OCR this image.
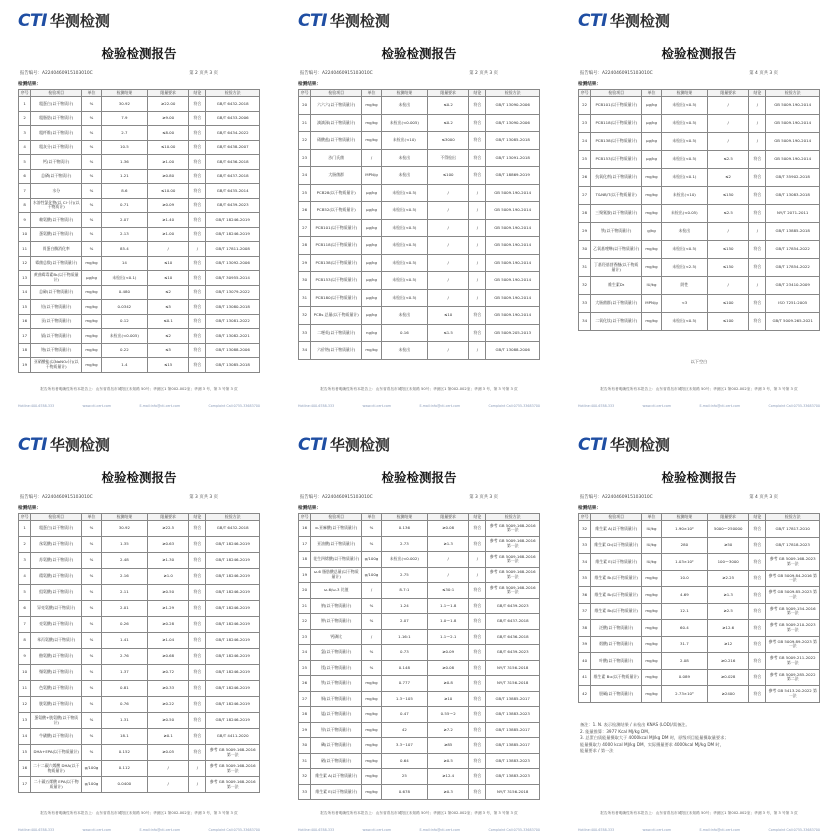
CTI 华测检测
检验检测报告
报告编号：A2240460915103010C	第 2 页共 3 页
检测结果：
序号	检验项目	单位	检测结果	限量要求	结论	检验方法
1	粗蛋白(以干物质计)	%	30.92	≥22.00	符合	GB/T 6432-2018
2	粗脂肪(以干物质计)	%	7.9	≥9.00	符合	GB/T 6433-2006
3	粗纤维(以干物质计)	%	2.7	≤8.00	符合	GB/T 6434-2022
4	粗灰分(以干物质计)	%	10.5	≤10.00	符合	GB/T 6438-2007
5	钙(以干物质计)	%	1.36	≥1.00	符合	GB/T 6436-2018
6	总磷(以干物质计)	%	1.21	≥0.80	符合	GB/T 6437-2018
7	水分	%	8.6	≤10.00	符合	GB/T 6435-2014
8	水溶性氯化物(以 Cl⁻计)(以干物质计)	%	0.71	≥0.09	符合	GB/T 6439-2023
9	赖氨酸(以干物质计)	%	2.07	≥1.40	符合	GB/T 18246-2019
10	蛋氨酸(以干物质计)	%	2.13	≥1.00	符合	GB/T 18246-2019
11	胃蛋白酶消化率	%	85.4	/	/	GB/T 17811-2008
12	霉菌总数(以干物质量计)	mg/kg	14	≤10	符合	GB/T 13092-2006
13	黄曲霉毒素B₁(以干物质量计)	μg/kg	未检出(<0.1)	≤10	符合	GB/T 30955-2014
14	总砷(以干物质量计)	mg/kg	0.480	≤2	符合	GB/T 13079-2022
15	铅(以干物质量计)	mg/kg	0.0342	≤5	符合	GB/T 13080-2018
16	汞(以干物质量计)	mg/kg	0.12	≤0.1	符合	GB/T 13081-2022
17	镉(以干物质量计)	mg/kg	未检出(<0.005)	≤2	符合	GB/T 13082-2021
18	铬(以干物质量计)	mg/kg	0.22	≤5	符合	GB/T 13088-2006
19	亚硝酸盐(以NaNO₂计)(以干物质量计)	mg/kg	1.4	≤15	符合	GB/T 13085-2018
报告所有者明确性所有本报告上：山东省青岛市城阳区未知路 50号；华测区1 第002-002室；华测 3 号，第 3 号第 3 页
Hotline:400-6788-333	www.cti-cert.com	E-mail:info@cti-cert.com	Complaint Call:0755-33683700
CTI 华测检测
检验检测报告
报告编号：A2240460915103010C	第 2 页共 3 页
检测结果：
序号	检验项目	单位	检测结果	限量要求	结论	检验方法
20	六六六(以干物质量计)	mg/kg	未检出	≤0.2	符合	GB/T 13090-2006
21	滴滴涕(以干物质量计)	mg/kg	未检出(<0.005)	≤0.2	符合	GB/T 13090-2006
22	硝酸盐(以干物质量计)	mg/kg	未检出(<10)	≤3000	符合	GB/T 13085-2018
23	沙门氏菌	/	未检出	不得检出	符合	GB/T 13091-2018
24	大肠菌群	MPN/g	未检出	≤100	符合	GB/T 18869-2019
25	PCB28(以干物质量计)	μg/kg	未检出(<0.5)	/	/	GB 5009.190-2014
26	PCB52(以干物质量计)	μg/kg	未检出(<0.5)	/	/	GB 5009.190-2014
27	PCB101(以干物质量计)	μg/kg	未检出(<0.5)	/	/	GB 5009.190-2014
28	PCB118(以干物质量计)	μg/kg	未检出(<0.5)	/	/	GB 5009.190-2014
29	PCB138(以干物质量计)	μg/kg	未检出(<0.5)	/	/	GB 5009.190-2014
30	PCB153(以干物质量计)	μg/kg	未检出(<0.5)	/	/	GB 5009.190-2014
31	PCB180(以干物质量计)	μg/kg	未检出(<0.5)	/	/	GB 5009.190-2014
32	PCBs 总量(以干物质量计)	μg/kg	未检出	≤10	符合	GB 5009.190-2014
33	二噁英(以干物质量计)	ng/kg	0.16	≤1.5	符合	GB 5009.205-2013
34	六价铬(以干物质量计)	mg/kg	未检出	/	/	GB/T 13088-2006
报告所有者明确性所有本报告上：山东省青岛市城阳区未知路 50号；华测区1 第002-002室；华测 3 号，第 3 号第 3 页
Hotline:400-6788-333	www.cti-cert.com	E-mail:info@cti-cert.com	Complaint Call:0755-33683700
CTI 华测检测
检验检测报告
报告编号：A2240460915103010C	第 4 页共 3 页
检测结果：
序号	检验项目	单位	检测结果	限量要求	结论	检验方法
22	PCB101(以干物质量计)	μg/kg	未检出(<0.5)	/	/	GB 5009.190-2014
23	PCB118(以干物质量计)	μg/kg	未检出(<0.5)	/	/	GB 5009.190-2014
24	PCB138(以干物质量计)	μg/kg	未检出(<0.5)	/	/	GB 5009.190-2014
25	PCB153(以干物质量计)	μg/kg	未检出(<0.5)	≤2.5	符合	GB 5009.190-2014
26	抗氧化剂(以干物质量计)	mg/kg	未检出(<0.1)	≤2	符合	GB/T 35902-2018
27	T&NB/T(以干物质量计)	mg/kg	未检出(<10)	≤150	符合	GB/T 13083-2018
28	三聚氰胺(以干物质量计)	mg/kg	未检出(<0.05)	≤2.5	符合	NY/T 2071-2011
29	铁(以干物质量计)	g/kg	未检出	/	/	GB/T 13885-2018
30	乙氧基喹啉(以干物质量计)	mg/kg	未检出(<0.5)	≤150	符合	GB/T 17854-2022
31	丁基羟基茴香醚(以干物质量计)	mg/kg	未检出(<2.5)	≤150	符合	GB/T 17854-2022
32	维生素D₃	IU/kg	阴性	/	/	GB/T 23410-2009
33	大肠菌群(以干物质量计)	MPN/g	<3	≤100	符合	ISO 7251:2005
34	二氧化钛(以干物质量计)	mg/kg	未检出(<0.5)	≤100	符合	GB/T 5009.265-2021
以下空白
报告所有者明确性所有本报告上：山东省青岛市城阳区未知路 50号；华测区1 第002-002室；华测 3 号，第 3 号第 3 页
Hotline:400-6788-333	www.cti-cert.com	E-mail:info@cti-cert.com	Complaint Call:0755-33683700
CTI 华测检测
检验检测报告
报告编号：A2240460915103010C	第 3 页共 3 页
检测结果：
序号	检验项目	单位	检测结果	限量要求	结论	检验方法
1	粗蛋白(以干物质计)	%	30.92	≥22.5	符合	GB/T 6432-2018
2	丝氨酸(以干物质计)	%	1.35	≥0.63	符合	GB/T 18246-2019
3	苏氨酸(以干物质计)	%	2.48	≥1.30	符合	GB/T 18246-2019
4	精氨酸(以干物质计)	%	2.16	≥1.0	符合	GB/T 18246-2019
5	组氨酸(以干物质计)	%	2.11	≥0.50	符合	GB/T 18246-2019
6	异亮氨酸(以干物质计)	%	2.01	≥1.29	符合	GB/T 18246-2019
7	亮氨酸(以干物质计)	%	0.26	≥0.28	符合	GB/T 18246-2019
8	苯丙氨酸(以干物质计)	%	1.41	≥1.04	符合	GB/T 18246-2019
9	酪氨酸(以干物质计)	%	2.76	≥0.68	符合	GB/T 18246-2019
10	缬氨酸(以干物质计)	%	1.37	≥0.72	符合	GB/T 18246-2019
11	色氨酸(以干物质计)	%	0.81	≥0.33	符合	GB/T 18246-2019
12	胱氨酸(以干物质计)	%	0.76	≥0.22	符合	GB/T 18246-2019
13	蛋氨酸+胱氨酸(以干物质计)	%	1.31	≥0.50	符合	GB/T 18246-2019
14	牛磺酸(以干物质计)	%	18.1	≥0.1	符合	GB/T 4411-2020
15	DHA+EPA(以干物质量计)	%	0.152	≥0.05	符合	参考 GB 5009.168-2016 第一法
16	二十二碳六烯酸 DHA(以干物质量计)	g/100g	0.112	/	/	参考 GB 5009.168-2016 第一法
17	二十碳五烯酸 EPA(以干物质量计)	g/100g	0.0400	/	/	参考 GB 5009.168-2016 第一法
报告所有者明确性所有本报告上：山东省青岛市城阳区未知路 50号；华测区1 第002-002室；华测 3 号，第 3 号第 3 页
Hotline:400-6788-333	www.cti-cert.com	E-mail:info@cti-cert.com	Complaint Call:0755-33683700
CTI 华测检测
检验检测报告
报告编号：A2240460915103010C	第 3 页共 3 页
检测结果：
序号	检验项目	单位	检测结果	限量要求	结论	检验方法
16	α-亚麻酸(以干物质量计)	%	0.136	≥0.08	符合	参考 GB 5009.168-2016 第一法
17	亚油酸(以干物质量计)	%	2.73	≥1.3	符合	参考 GB 5009.168-2016 第一法
18	花生四烯酸(以干物质量计)	g/100g	未检出(<0.002)	/	/	参考 GB 5009.168-2016 第一法
19	ω-6 脂肪酸总量(以干物质量计)	g/100g	2.75	/	/	参考 GB 5009.168-2016 第一法
20	ω-6/ω-3 比值	/	8.7:1	≤30:1	符合	参考 GB 5009.168-2016 第一法
21	钠(以干物质量计)	%	1.24	1.1～1.8	符合	GB/T 6439-2023
22	钾(以干物质量计)	%	2.07	1.0～1.8	符合	GB/T 6437-2018
23	钙磷比	/	1.16:1	1.1～2.1	符合	GB/T 6436-2018
24	氯(以干物质量计)	%	0.73	≥0.09	符合	GB/T 6439-2023
25	镁(以干物质量计)	%	0.148	≥0.08	符合	NY/T 3156-2018
26	铁(以干物质量计)	mg/kg	0.777	≥0.8	符合	NY/T 3156-2018
27	铜(以干物质量计)	mg/kg	1.3~105	≥10	符合	GB/T 13885-2017
28	锰(以干物质量计)	mg/kg	0.47	0.55～2	符合	GB/T 13883-2023
29	锌(以干物质量计)	mg/kg	42	≥7.2	符合	GB/T 13885-2017
30	碘(以干物质量计)	mg/kg	3.3~107	≥85	符合	GB/T 13885-2017
31	硒(以干物质量计)	mg/kg	0.64	≥0.5	符合	GB/T 13883-2023
32	维生素 A(以干物质量计)	mg/kg	25	≥12.4	符合	GB/T 13883-2023
33	维生素 E(以干物质量计)	mg/kg	0.678	≥0.3	符合	NY/T 3156-2018
报告所有者明确性所有本报告上：山东省青岛市城阳区未知路 50号；华测区1 第002-002室；华测 3 号，第 3 号第 3 页
Hotline:400-6788-333	www.cti-cert.com	E-mail:info@cti-cert.com	Complaint Call:0755-33683700
CTI 华测检测
检验检测报告
报告编号：A2240460915103010C	第 4 页共 3 页
检测结果：
序号	检验项目	单位	检测结果	限量要求	结论	检验方法
32	维生素 A(以干物质量计)	IU/kg	1.90×10⁴	5000～250000	符合	GB/T 17817-2010
33	维生素 D₃(以干物质量计)	IU/kg	280	≥50	符合	GB/T 17818-2023
34	维生素 E(以干物质量计)	IU/kg	1.03×10²	100～3000	符合	参考 GB 5009.168-2023 第一法
35	维生素 B₁(以干物质量计)	mg/kg	10.0	≥2.25	符合	参考 GB 5009.84-2016 第一法
36	维生素 B₂(以干物质量计)	mg/kg	4.69	≥1.3	符合	参考 GB 5009.85-2023 第一法
37	维生素 B₆(以干物质量计)	mg/kg	12.1	≥2.5	符合	参考 GB 5009.154-2016 第一法
38	泛酸(以干物质量计)	mg/kg	60.4	≥12.6	符合	参考 GB 5009.210-2023 第一法
39	烟酸(以干物质量计)	mg/kg	31.7	≥12	符合	参考 GB 5009.89-2023 第一法
40	叶酸(以干物质量计)	mg/kg	2.08	≥0.216	符合	参考 GB 5009.211-2022 第一法
41	维生素 B₁₂(以干物质量计)	mg/kg	0.089	≥0.028	符合	参考 GB 5009.285-2022 第二法
42	胆碱(以干物质量计)	mg/kg	2.73×10³	≥2400	符合	参考 GB 5413.20-2022 第一法
备注：1. N. 表示检测结果 / 未检出 KNAS (LOD)/需备注。
2. 能量推算：3977 Kcal MJ/kg DM。
3. 总蛋白质能量摄取大于 4000kcal MJ/kg DM 时，原级项目能量摄取量要求；
能量摄取力 4000 kcal MJ/kg DM，实际摄量要求 4000kcal MJ/kg DM 时，
能量要求 / 第一法
报告所有者明确性所有本报告上：山东省青岛市城阳区未知路 50号；华测区1 第002-002室；华测 3 号，第 3 号第 3 页
Hotline:400-6788-333	www.cti-cert.com	E-mail:info@cti-cert.com	Complaint Call:0755-33683700
